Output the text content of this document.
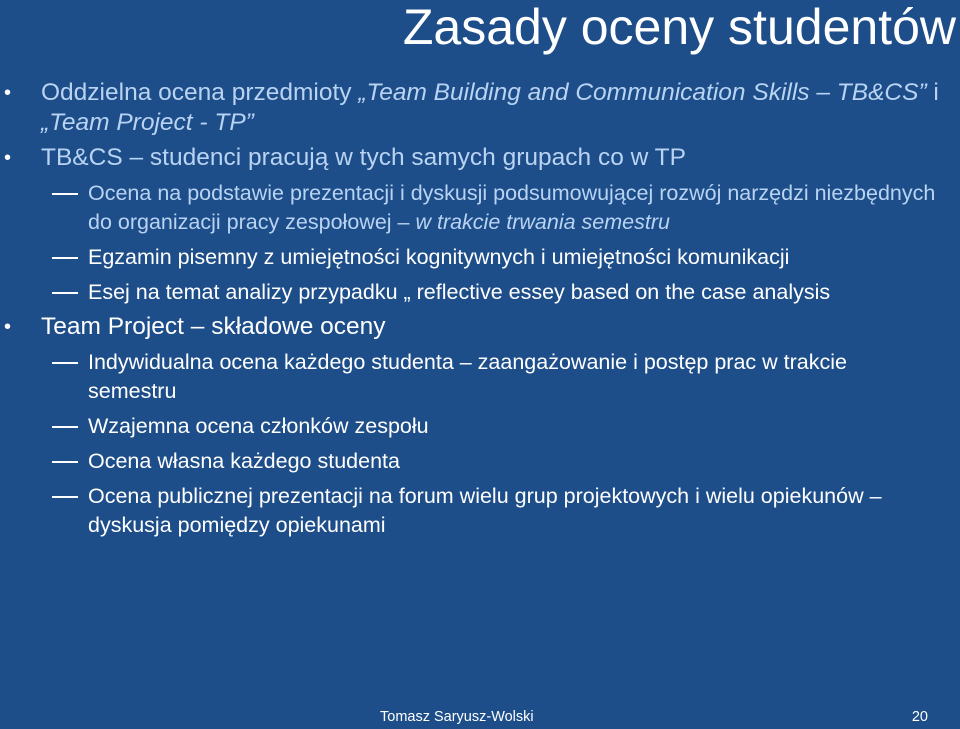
Zasady oceny studentów

• Oddzielna ocena przedmioty „Team Building and Communication Skills – TB&CS” i „Team Project - TP”

• TB&CS – studenci pracują w tych samych grupach co w TP

Ocena na podstawie prezentacji i dyskusji podsumowującej rozwój narzędzi niezbędnych do organizacji pracy zespołowej – w trakcie trwania semestru

Egzamin pisemny z umiejętności kognitywnych i umiejętności komunikacji

Esej na temat analizy przypadku „ reflective essey based on the case analysis

• Team Project – składowe oceny

Indywidualna ocena każdego studenta – zaangażowanie i postęp prac w trakcie semestru

Wzajemna ocena członków zespołu

Ocena własna każdego studenta

Ocena publicznej prezentacji na forum wielu grup projektowych i wielu opiekunów – dyskusja pomiędzy opiekunami

Tomasz Saryusz-Wolski	20
